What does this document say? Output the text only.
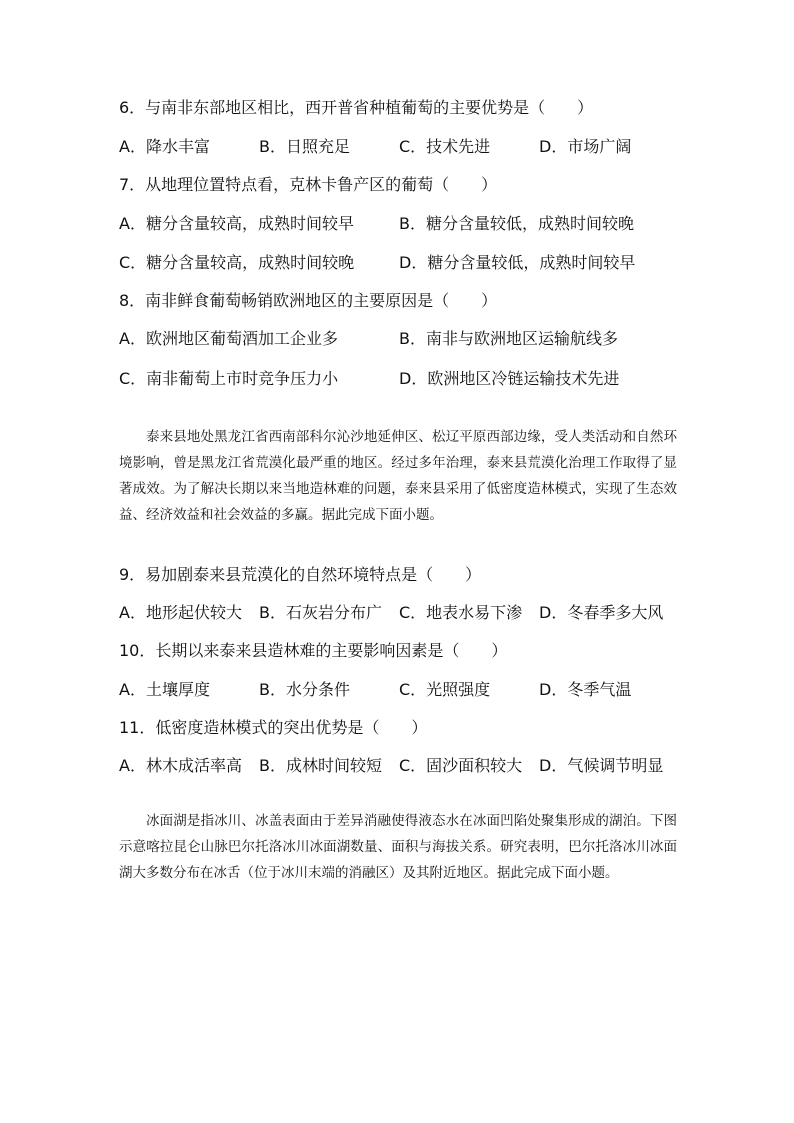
6．与南非东部地区相比，西开普省种植葡萄的主要优势是（　　）
A．降水丰富	B．日照充足	C．技术先进	D．市场广阔
7．从地理位置特点看，克林卡鲁产区的葡萄（　　）
A．糖分含量较高，成熟时间较早	B．糖分含量较低，成熟时间较晚
C．糖分含量较高，成熟时间较晚	D．糖分含量较低，成熟时间较早
8．南非鲜食葡萄畅销欧洲地区的主要原因是（　　）
A．欧洲地区葡萄酒加工企业多	B．南非与欧洲地区运输航线多
C．南非葡萄上市时竞争压力小	D．欧洲地区冷链运输技术先进
泰来县地处黑龙江省西南部科尔沁沙地延伸区、松辽平原西部边缘，受人类活动和自然环境影响，曾是黑龙江省荒漠化最严重的地区。经过多年治理，泰来县荒漠化治理工作取得了显著成效。为了解决长期以来当地造林难的问题，泰来县采用了低密度造林模式，实现了生态效益、经济效益和社会效益的多赢。据此完成下面小题。
9．易加剧泰来县荒漠化的自然环境特点是（　　）
A．地形起伏较大 B．石灰岩分布广 C．地表水易下渗 D．冬春季多大风
10．长期以来泰来县造林难的主要影响因素是（　　）
A．土壤厚度	B．水分条件	C．光照强度	D．冬季气温
11．低密度造林模式的突出优势是（　　）
A．林木成活率高 B．成林时间较短 C．固沙面积较大 D．气候调节明显
冰面湖是指冰川、冰盖表面由于差异消融使得液态水在冰面凹陷处聚集形成的湖泊。下图示意喀拉昆仑山脉巴尔托洛冰川冰面湖数量、面积与海拔关系。研究表明，巴尔托洛冰川冰面湖大多数分布在冰舌（位于冰川末端的消融区）及其附近地区。据此完成下面小题。
